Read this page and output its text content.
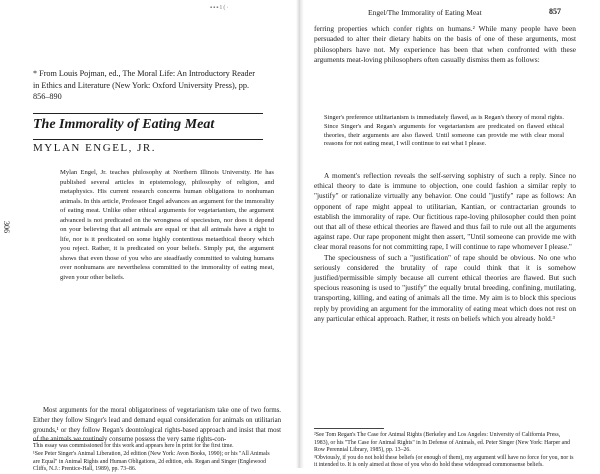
▪▪▪1(·
* From Louis Pojman, ed., The Moral Life: An Introductory Reader in Ethics and Literature (New York: Oxford University Press), pp. 856–890
The Immorality of Eating Meat
MYLAN ENGEL, JR.
306

Mylan Engel, Jr. teaches philosophy at Northern Illinois University. He has published several articles in epistemology, philosophy of religion, and metaphysics. His current research concerns human obligations to nonhuman animals. In this article, Professor Engel advances an argument for the immorality of eating meat. Unlike other ethical arguments for vegetarianism, the argument advanced is not predicated on the wrongness of speciesism, nor does it depend on your believing that all animals are equal or that all animals have a right to life, nor is it predicated on some highly contentious metaethical theory which you reject. Rather, it is predicated on your beliefs. Simply put, the argument shows that even those of you who are steadfastly committed to valuing humans over nonhumans are nevertheless committed to the immorality of eating meat, given your other beliefs.

Most arguments for the moral obligatoriness of vegetarianism take one of two forms. Either they follow Singer's lead and demand equal consideration for animals on utilitarian grounds,¹ or they follow Regan's deontological rights-based approach and insist that most of the animals we routinely consume possess the very same rights-con-

This essay was commissioned for this work and appears here in print for the first time.

¹See Peter Singer's Animal Liberation, 2d edition (New York: Avon Books, 1990); or his "All Animals are Equal" in Animal Rights and Human Obligations, 2d edition, eds. Regan and Singer (Englewood Cliffs, N.J.: Prentice-Hall, 1989), pp. 73–86.

Engel/The Immorality of Eating Meat	857

ferring properties which confer rights on humans.² While many people have been persuaded to alter their dietary habits on the basis of one of these arguments, most philosophers have not. My experience has been that when confronted with these arguments meat-loving philosophers often casually dismiss them as follows:

Singer's preference utilitarianism is immediately flawed, as is Regan's theory of moral rights. Since Singer's and Regan's arguments for vegetarianism are predicated on flawed ethical theories, their arguments are also flawed. Until someone can provide me with clear moral reasons for not eating meat, I will continue to eat what I please.

A moment's reflection reveals the self-serving sophistry of such a reply. Since no ethical theory to date is immune to objection, one could fashion a similar reply to "justify" or rationalize virtually any behavior. One could "justify" rape as follows: An opponent of rape might appeal to utilitarian, Kantian, or contractarian grounds to establish the immorality of rape. Our fictitious rape-loving philosopher could then point out that all of these ethical theories are flawed and thus fail to rule out all the arguments against rape. Our rape proponent might then assert, "Until someone can provide me with clear moral reasons for not committing rape, I will continue to rape whomever I please."

The speciousness of such a "justification" of rape should be obvious. No one who seriously considered the brutality of rape could think that it is somehow justified/permissible simply because all current ethical theories are flawed. But such specious reasoning is used to "justify" the equally brutal breeding, confining, mutilating, transporting, killing, and eating of animals all the time. My aim is to block this specious reply by providing an argument for the immorality of eating meat which does not rest on any particular ethical approach. Rather, it rests on beliefs which you already hold.³

²See Tom Regan's The Case for Animal Rights (Berkeley and Los Angeles: University of California Press, 1983), or his "The Case for Animal Rights" in In Defense of Animals, ed. Peter Singer (New York: Harper and Row Perennial Library, 1985), pp. 13–26.

³Obviously, if you do not hold these beliefs (or enough of them), my argument will have no force for you, nor is it intended to. It is only aimed at those of you who do hold these widespread commonsense beliefs.
